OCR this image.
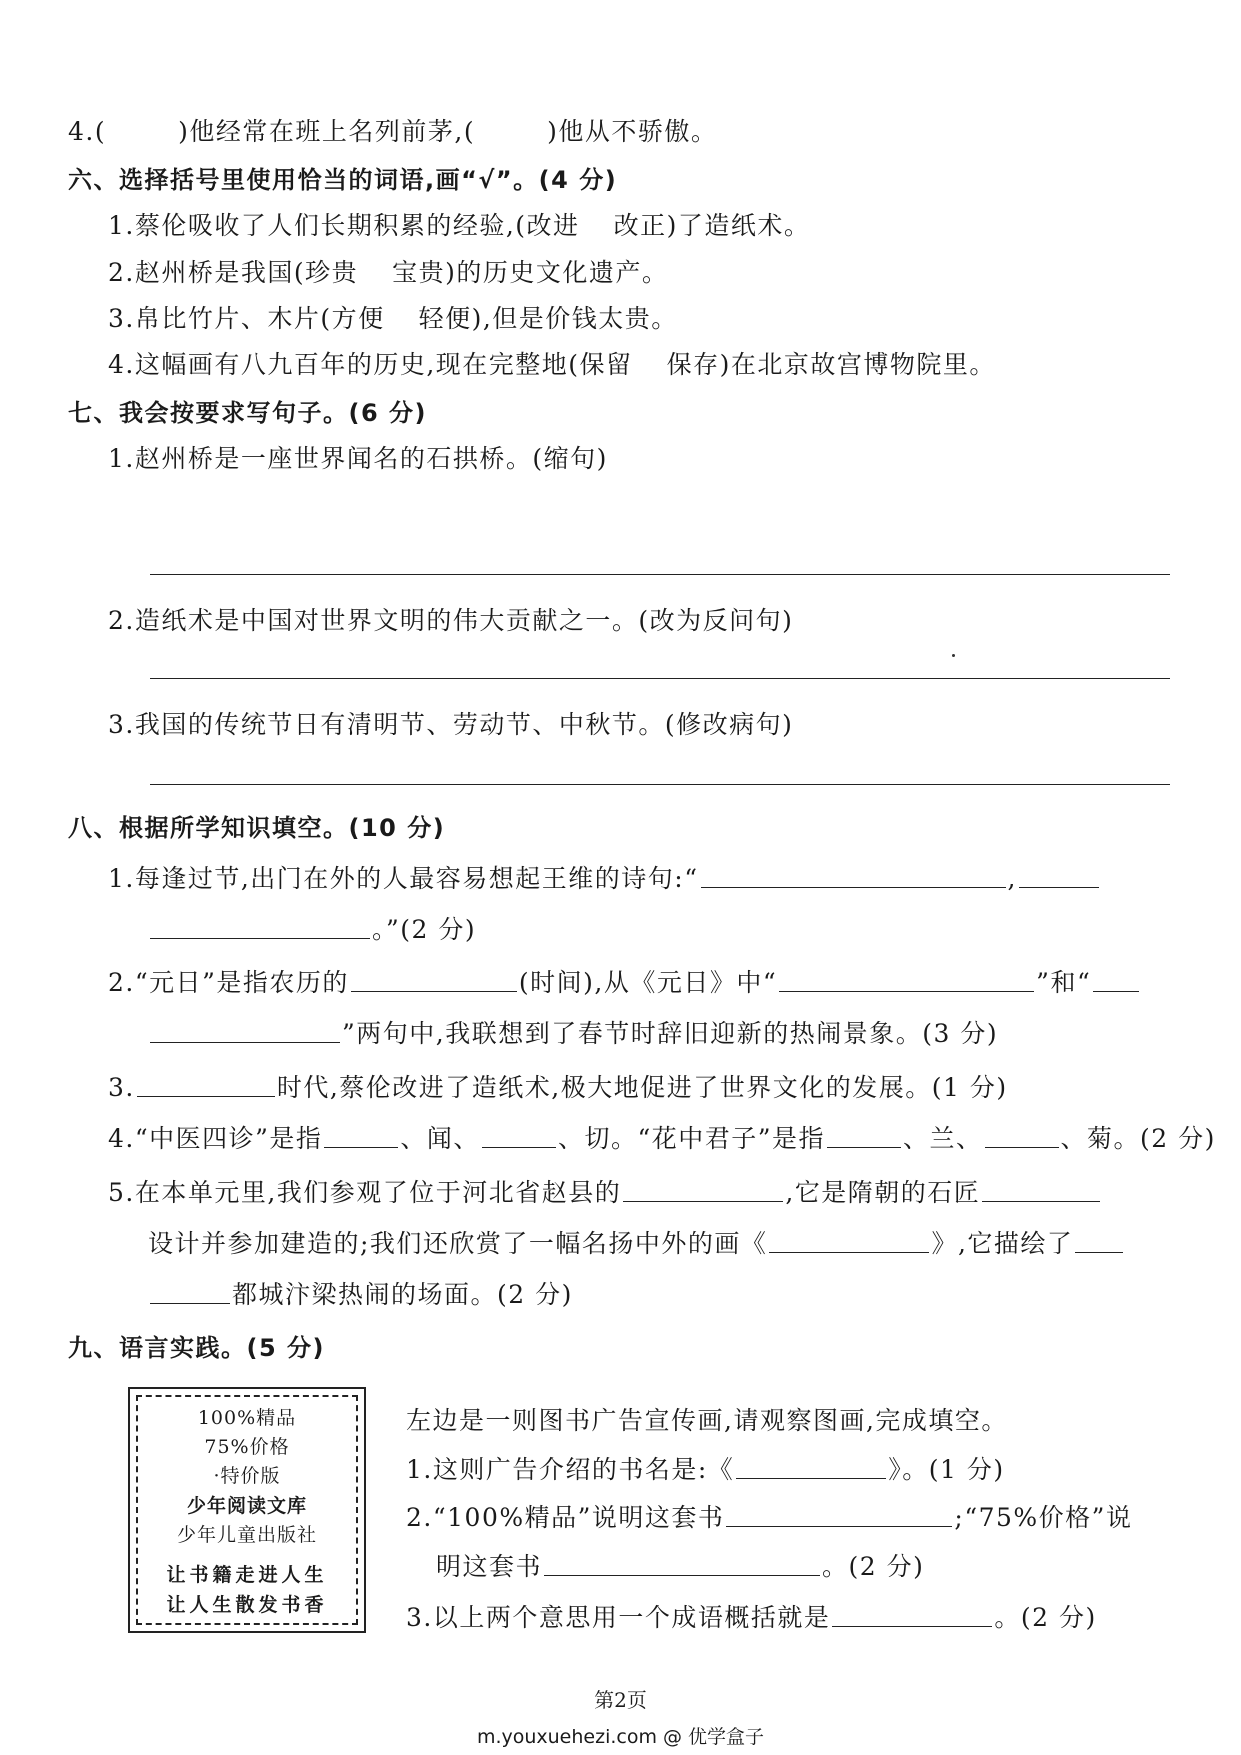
4. (	)他经常在班上名列前茅,(	)他从不骄傲。
六、选择括号里使用恰当的词语,画“√”。(4 分)
1.蔡伦吸收了人们长期积累的经验,(改进 改正)了造纸术。
2.赵州桥是我国(珍贵 宝贵)的历史文化遗产。
3.帛比竹片、木片(方便 轻便),但是价钱太贵。
4.这幅画有八九百年的历史,现在完整地(保留 保存)在北京故宫博物院里。
七、我会按要求写句子。(6 分)
1.赵州桥是一座世界闻名的石拱桥。(缩句)
2.造纸术是中国对世界文明的伟大贡献之一。(改为反问句)
3.我国的传统节日有清明节、劳动节、中秋节。(修改病句)
八、根据所学知识填空。(10 分)
1.每逢过节,出门在外的人最容易想起王维的诗句:“	,
。”(2 分)
2.“元日”是指农历的	(时间),从《元日》中“	”和“
”两句中,我联想到了春节时辞旧迎新的热闹景象。(3 分)
3.	时代,蔡伦改进了造纸术,极大地促进了世界文化的发展。(1 分)
4.“中医四诊”是指	、闻、	、切。“花中君子”是指	、兰、	、菊。(2 分)
5.在本单元里,我们参观了位于河北省赵县的	,它是隋朝的石匠
设计并参加建造的;我们还欣赏了一幅名扬中外的画《	》,它描绘了
都城汴梁热闹的场面。(2 分)
九、语言实践。(5 分)
100%精品
75%价格
·特价版
少年阅读文库
少年儿童出版社
让书籍走进人生
让人生散发书香
左边是一则图书广告宣传画,请观察图画,完成填空。
1.这则广告介绍的书名是:《	》。(1 分)
2.“100%精品”说明这套书	;“75%价格”说
明这套书	。(2 分)
3.以上两个意思用一个成语概括就是	。(2 分)
第2页
m.youxuehezi.com @ 优学盒子
